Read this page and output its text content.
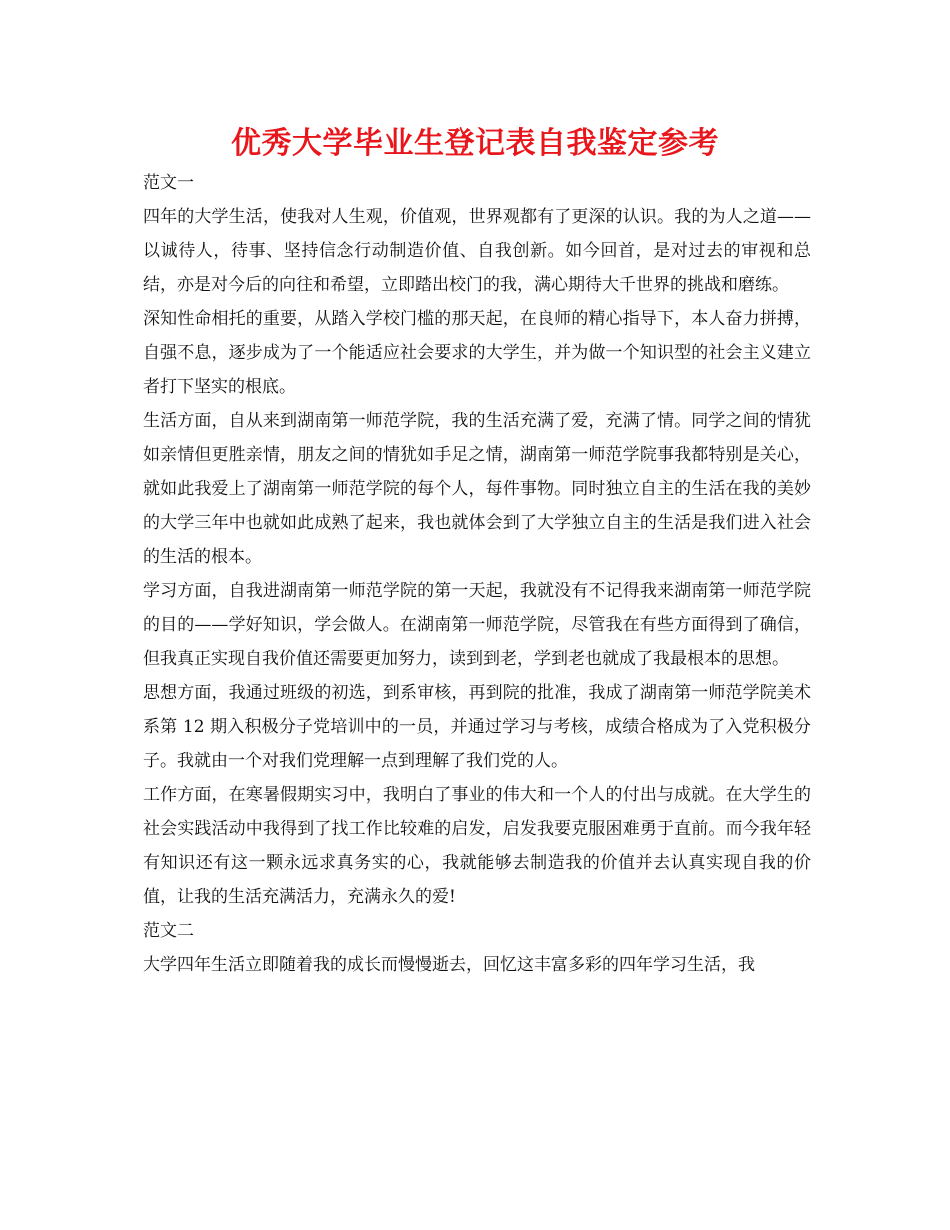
优秀大学毕业生登记表自我鉴定参考

范文一

四年的大学生活，使我对人生观，价值观，世界观都有了更深的认识。我的为人之道——以诚待人，待事、坚持信念行动制造价值、自我创新。如今回首，是对过去的审视和总结，亦是对今后的向往和希望，立即踏出校门的我，满心期待大千世界的挑战和磨练。

深知性命相托的重要，从踏入学校门槛的那天起，在良师的精心指导下，本人奋力拼搏，自强不息，逐步成为了一个能适应社会要求的大学生，并为做一个知识型的社会主义建立者打下坚实的根底。

生活方面，自从来到湖南第一师范学院，我的生活充满了爱，充满了情。同学之间的情犹如亲情但更胜亲情，朋友之间的情犹如手足之情，湖南第一师范学院事我都特别是关心，就如此我爱上了湖南第一师范学院的每个人，每件事物。同时独立自主的生活在我的美妙的大学三年中也就如此成熟了起来，我也就体会到了大学独立自主的生活是我们进入社会的生活的根本。

学习方面，自我进湖南第一师范学院的第一天起，我就没有不记得我来湖南第一师范学院的目的——学好知识，学会做人。在湖南第一师范学院，尽管我在有些方面得到了确信，但我真正实现自我价值还需要更加努力，读到到老，学到老也就成了我最根本的思想。

思想方面，我通过班级的初选，到系审核，再到院的批准，我成了湖南第一师范学院美术系第 12 期入积极分子党培训中的一员，并通过学习与考核，成绩合格成为了入党积极分子。我就由一个对我们党理解一点到理解了我们党的人。

工作方面，在寒暑假期实习中，我明白了事业的伟大和一个人的付出与成就。在大学生的社会实践活动中我得到了找工作比较难的启发，启发我要克服困难勇于直前。而今我年轻有知识还有这一颗永远求真务实的心，我就能够去制造我的价值并去认真实现自我的价值，让我的生活充满活力，充满永久的爱!

范文二

大学四年生活立即随着我的成长而慢慢逝去，回忆这丰富多彩的四年学习生活，我
